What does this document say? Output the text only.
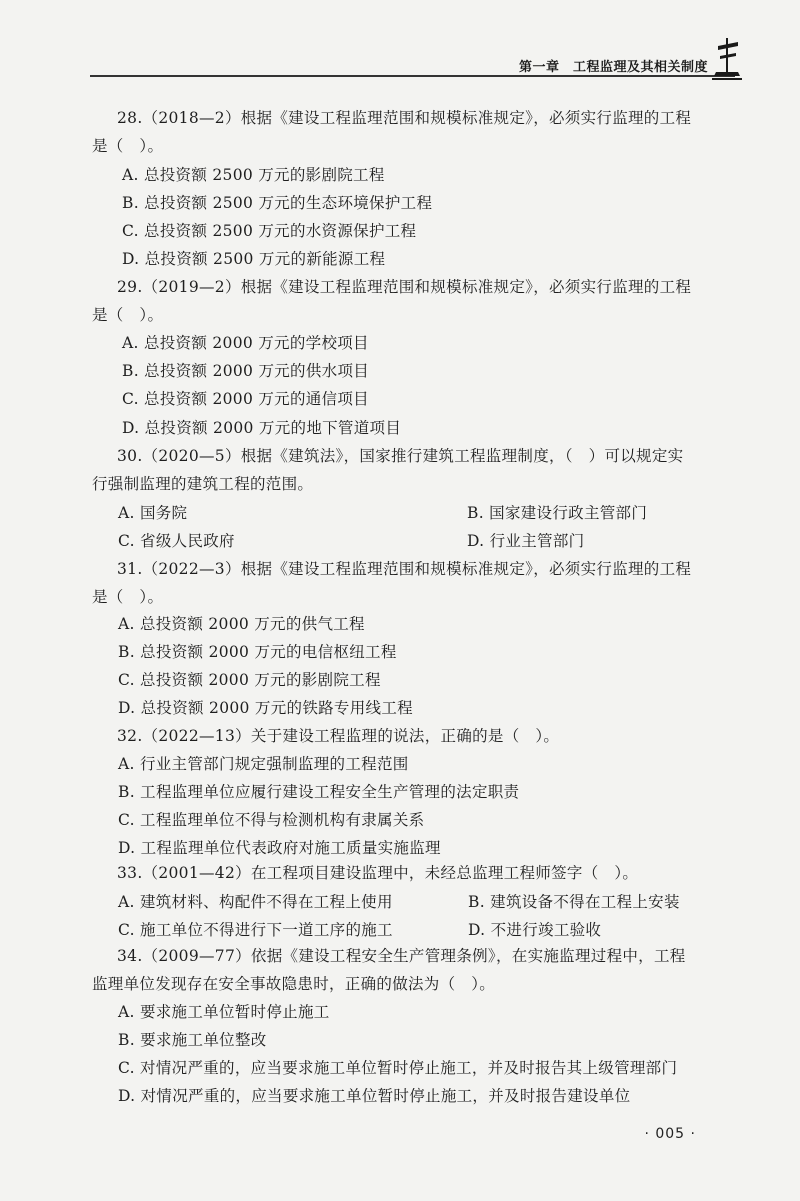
第一章　工程监理及其相关制度
28.（2018—2）根据《建设工程监理范围和规模标准规定》，必须实行监理的工程
是（　）。
A. 总投资额 2500 万元的影剧院工程
B. 总投资额 2500 万元的生态环境保护工程
C. 总投资额 2500 万元的水资源保护工程
D. 总投资额 2500 万元的新能源工程
29.（2019—2）根据《建设工程监理范围和规模标准规定》，必须实行监理的工程
是（　）。
A. 总投资额 2000 万元的学校项目
B. 总投资额 2000 万元的供水项目
C. 总投资额 2000 万元的通信项目
D. 总投资额 2000 万元的地下管道项目
30.（2020—5）根据《建筑法》，国家推行建筑工程监理制度，（　）可以规定实
行强制监理的建筑工程的范围。
A. 国务院	B. 国家建设行政主管部门
C. 省级人民政府	D. 行业主管部门
31.（2022—3）根据《建设工程监理范围和规模标准规定》，必须实行监理的工程
是（　）。
A. 总投资额 2000 万元的供气工程
B. 总投资额 2000 万元的电信枢纽工程
C. 总投资额 2000 万元的影剧院工程
D. 总投资额 2000 万元的铁路专用线工程
32.（2022—13）关于建设工程监理的说法，正确的是（　）。
A. 行业主管部门规定强制监理的工程范围
B. 工程监理单位应履行建设工程安全生产管理的法定职责
C. 工程监理单位不得与检测机构有隶属关系
D. 工程监理单位代表政府对施工质量实施监理
33.（2001—42）在工程项目建设监理中，未经总监理工程师签字（　）。
A. 建筑材料、构配件不得在工程上使用	B. 建筑设备不得在工程上安装
C. 施工单位不得进行下一道工序的施工	D. 不进行竣工验收
34.（2009—77）依据《建设工程安全生产管理条例》，在实施监理过程中，工程
监理单位发现存在安全事故隐患时，正确的做法为（　）。
A. 要求施工单位暂时停止施工
B. 要求施工单位整改
C. 对情况严重的，应当要求施工单位暂时停止施工，并及时报告其上级管理部门
D. 对情况严重的，应当要求施工单位暂时停止施工，并及时报告建设单位
· 005 ·
